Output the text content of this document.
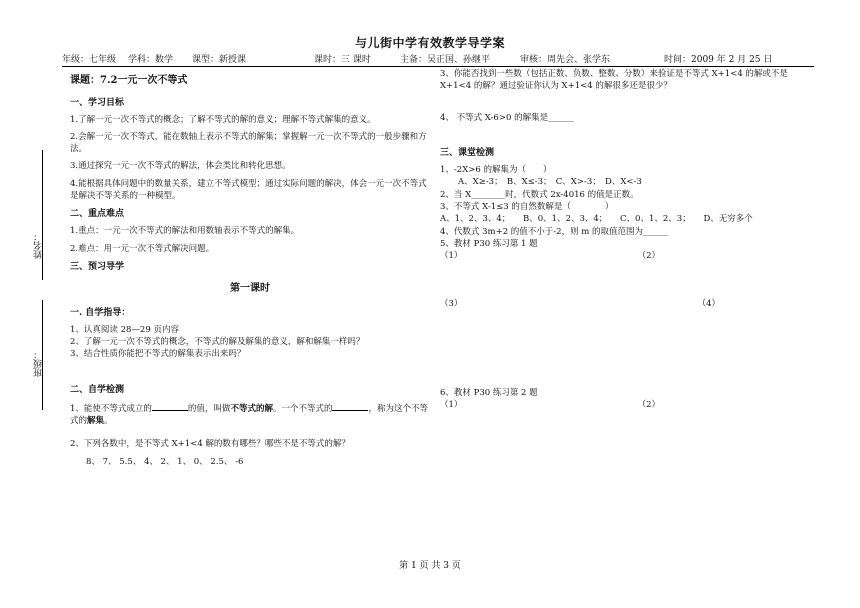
与儿街中学有效教学导学案
年级：七年级 学科：数学 课型：新授课	课时：三 课时	主备：吴正国、孙继平	审核：周先会、张学东	时间：2009 年 2 月 25 日
姓名：
班级：
课题：7.2一元一次不等式
一、学习目标
1.了解一元一次不等式的概念；了解不等式的解的意义；理解不等式解集的意义。
2.会解一元一次不等式，能在数轴上表示不等式的解集；掌握解一元一次不等式的一般步骤和方法。
3.通过探究一元一次不等式的解法，体会类比和转化思想。
4.能根据具体问题中的数量关系，建立不等式模型；通过实际问题的解决，体会一元一次不等式是解决不等关系的一种模型。
二、重点难点
1.重点：一元一次不等式的解法和用数轴表示不等式的解集。
2.难点：用一元一次不等式解决问题。
三、预习导学
第一课时
一. 自学指导：
1、认真阅读 28—29 页内容
2、了解一元一次不等式的概念，不等式的解及解集的意义，解和解集一样吗？
3、结合性质你能把不等式的解集表示出来吗？
二、自学检测
1、能使不等式成立的	的值，叫做不等式的解。一个不等式的	，称为这个不等式的解集。
2、下列各数中，是不等式 X+1<4 解的数有哪些？哪些不是不等式的解？
8、 7、 5.5、 4、 2、 1、 0、 2.5、 -6
3、你能否找到一些数（包括正数、负数、整数、分数）来验证是不等式 X+1<4 的解或不是 X+1<4 的解？通过验证你认为 X+1<4 的解很多还是很少？
4、 不等式 X-6>0 的解集是______
三、课堂检测
1、-2X>6 的解集为（　　）
A、X≥-3；　B、X≤-3；　C、X>-3；　D、X<-3
2、当 X________时，代数式 2x-4016 的值是正数。
3、不等式 X-1≤3 的自然数解是（　　　　）
A、1、2、3、4；　　B、0、1、2、3、4；　　C、0、1、2、3；　　D、无穷多个
4、代数式 3m+2 的值不小于-2，则 m 的取值范围为______
5、教材 P30 练习第 1 题
（1）	（2）
（3）	（4）
6、教材 P30 练习第 2 题
（1）	（2）
第 1 页 共 3 页
